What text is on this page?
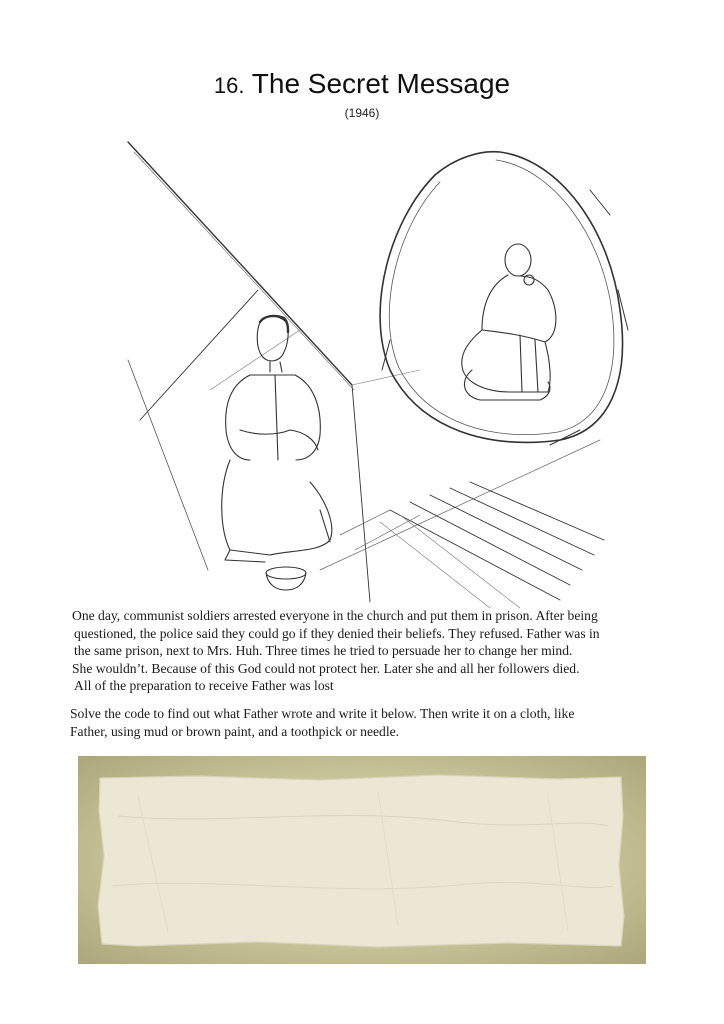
16. The Secret Message
(1946)

One day, communist soldiers arrested everyone in the church and put them in prison. After being

questioned, the police said they could go if they denied their beliefs. They refused. Father was in

the same prison, next to Mrs. Huh. Three times he tried to persuade her to change her mind.

She wouldn’t. Because of this God could not protect her. Later she and all her followers died.

All of the preparation to receive Father was lost

Solve the code to find out what Father wrote and write it below. Then write it on a cloth, like

Father, using mud or brown paint, and a toothpick or needle.
